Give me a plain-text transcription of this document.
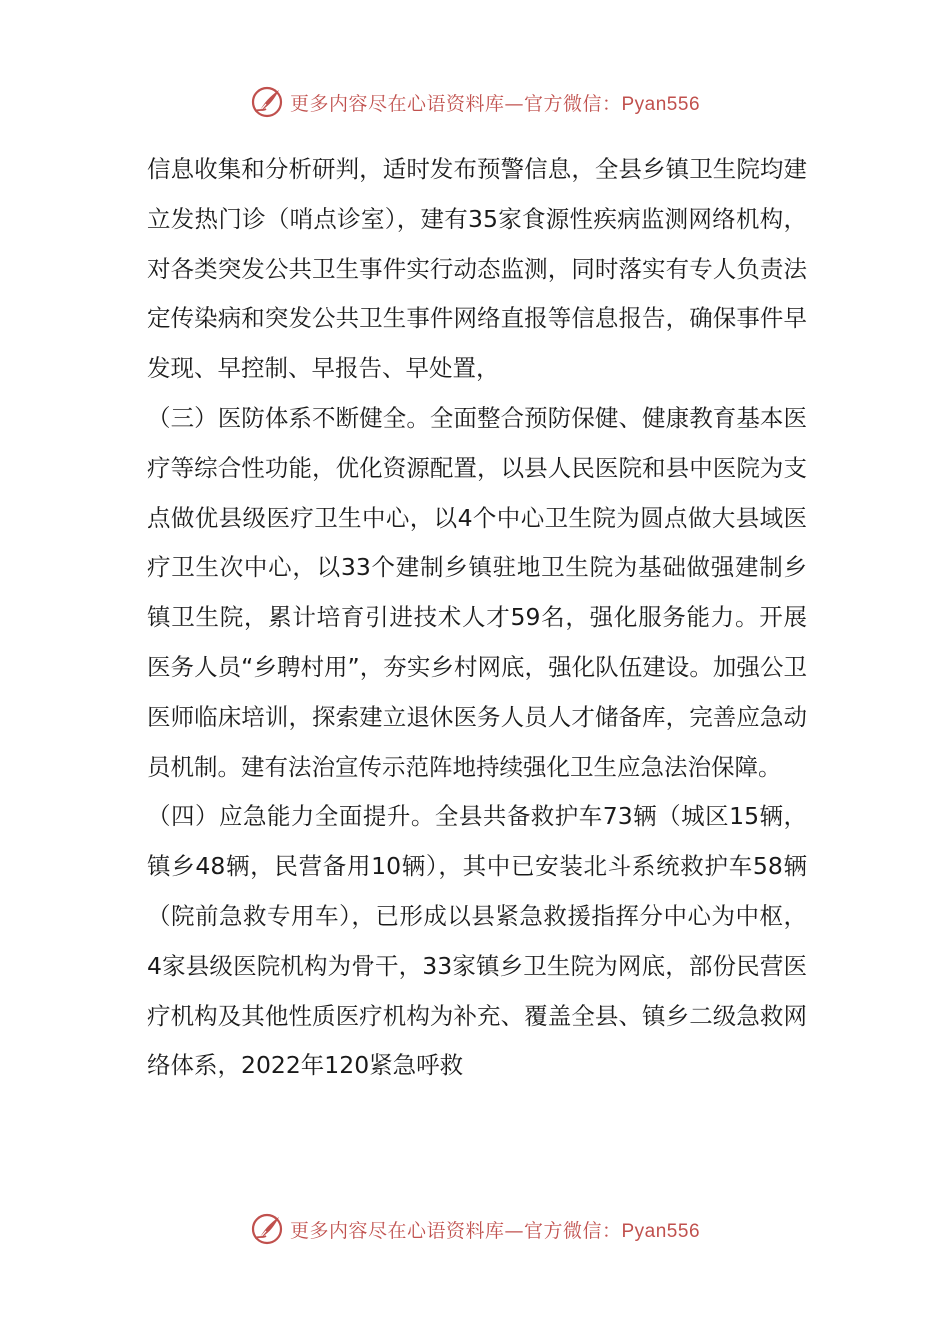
更多内容尽在心语资料库—官方微信：Pyan556

信息收集和分析研判，适时发布预警信息，全县乡镇卫生院均建立发热门诊（哨点诊室），建有35家食源性疾病监测网络机构，对各类突发公共卫生事件实行动态监测，同时落实有专人负责法定传染病和突发公共卫生事件网络直报等信息报告，确保事件早发现、早控制、早报告、早处置，

（三）医防体系不断健全。全面整合预防保健、健康教育基本医疗等综合性功能，优化资源配置，以县人民医院和县中医院为支点做优县级医疗卫生中心，以4个中心卫生院为圆点做大县域医疗卫生次中心，以33个建制乡镇驻地卫生院为基础做强建制乡镇卫生院，累计培育引进技术人才59名，强化服务能力。开展医务人员“乡聘村用”，夯实乡村网底，强化队伍建设。加强公卫医师临床培训，探索建立退休医务人员人才储备库，完善应急动员机制。建有法治宣传示范阵地持续强化卫生应急法治保障。

（四）应急能力全面提升。全县共备救护车73辆（城区15辆，镇乡48辆，民营备用10辆），其中已安装北斗系统救护车58辆（院前急救专用车），已形成以县紧急救援指挥分中心为中枢，4家县级医院机构为骨干，33家镇乡卫生院为网底，部份民营医疗机构及其他性质医疗机构为补充、覆盖全县、镇乡二级急救网络体系，2022年120紧急呼救

更多内容尽在心语资料库—官方微信：Pyan556
